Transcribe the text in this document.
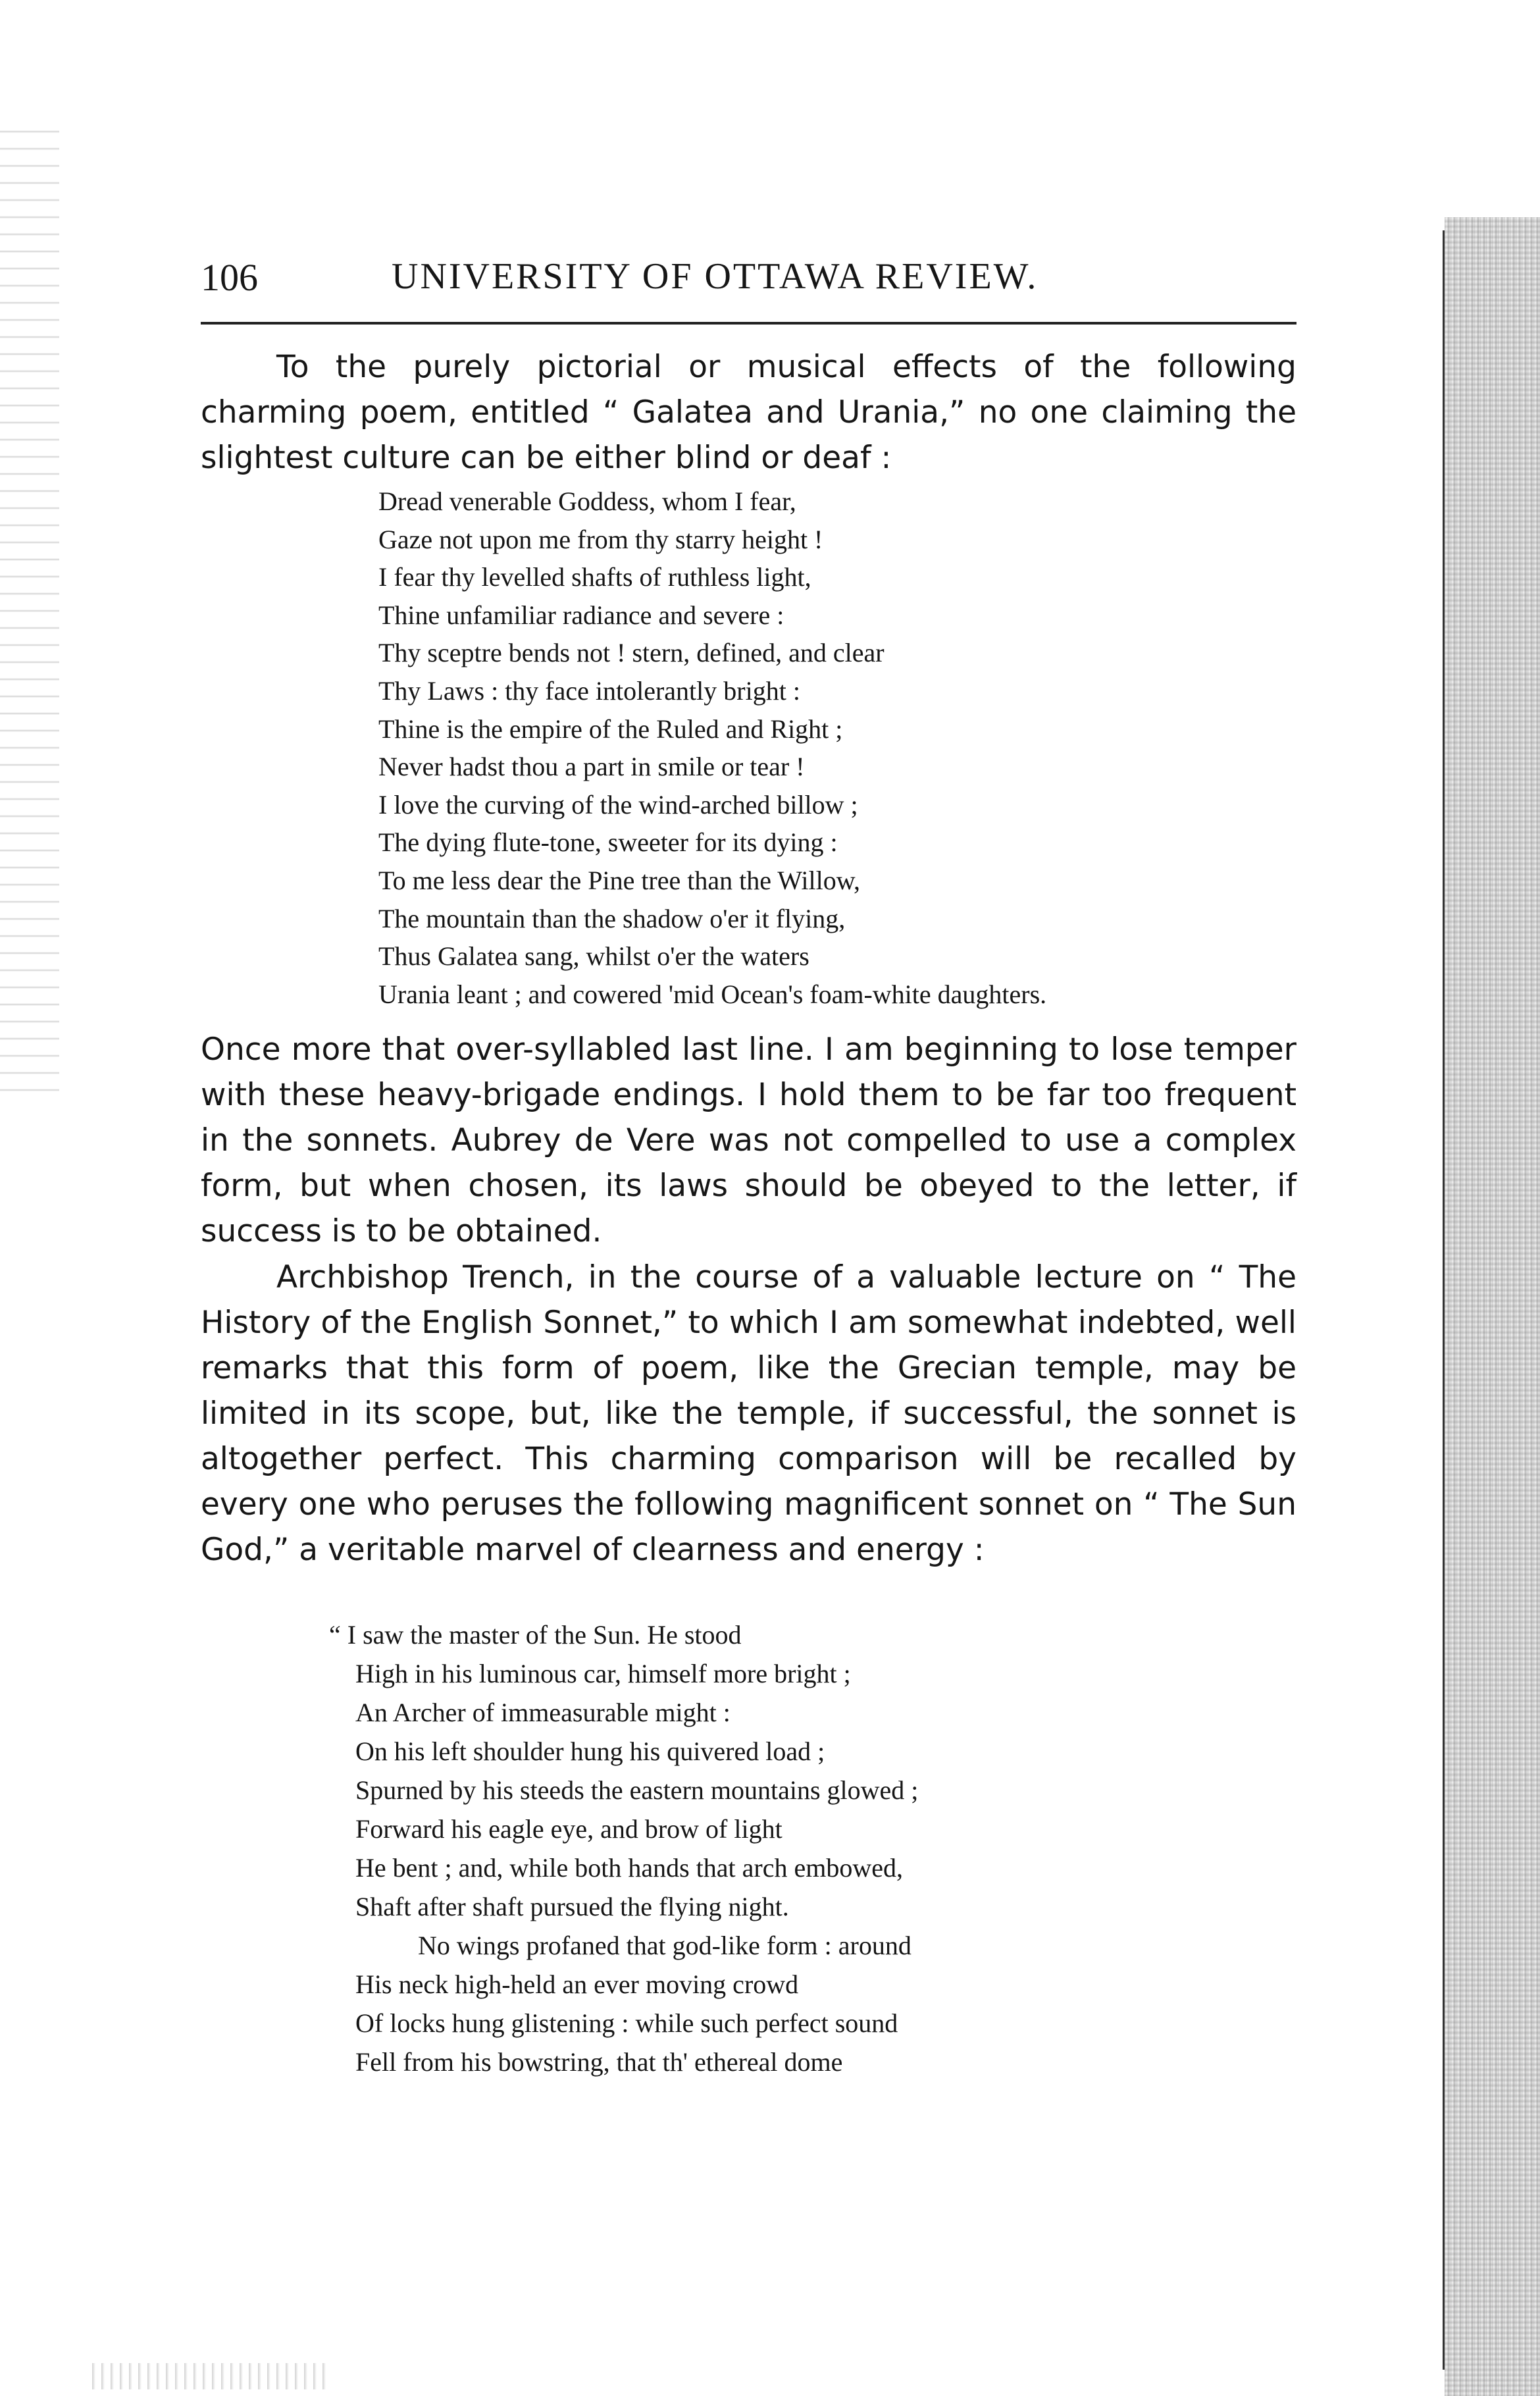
106	UNIVERSITY OF OTTAWA REVIEW.

To the purely pictorial or musical effects of the following charming poem, entitled “ Galatea and Urania,” no one claiming the slightest culture can be either blind or deaf :

Dread venerable Goddess, whom I fear,
Gaze not upon me from thy starry height !
I fear thy levelled shafts of ruthless light,
Thine unfamiliar radiance and severe :
Thy sceptre bends not ! stern, defined, and clear
Thy Laws : thy face intolerantly bright :
Thine is the empire of the Ruled and Right ;
Never hadst thou a part in smile or tear !
I love the curving of the wind-arched billow ;
The dying flute-tone, sweeter for its dying :
To me less dear the Pine tree than the Willow,
The mountain than the shadow o'er it flying,
Thus Galatea sang, whilst o'er the waters
Urania leant ; and cowered 'mid Ocean's foam-white daughters.

Once more that over-syllabled last line. I am beginning to lose temper with these heavy-brigade endings. I hold them to be far too frequent in the sonnets. Aubrey de Vere was not compelled to use a complex form, but when chosen, its laws should be obeyed to the letter, if success is to be obtained.

Archbishop Trench, in the course of a valuable lecture on “ The History of the English Sonnet,” to which I am somewhat indebted, well remarks that this form of poem, like the Grecian temple, may be limited in its scope, but, like the temple, if successful, the sonnet is altogether perfect. This charming comparison will be recalled by every one who peruses the following magnificent sonnet on “ The Sun God,” a veritable marvel of clearness and energy :

“ I saw the master of the Sun. He stood
High in his luminous car, himself more bright ;
An Archer of immeasurable might :
On his left shoulder hung his quivered load ;
Spurned by his steeds the eastern mountains glowed ;
Forward his eagle eye, and brow of light
He bent ; and, while both hands that arch embowed,
Shaft after shaft pursued the flying night.
No wings profaned that god-like form : around
His neck high-held an ever moving crowd
Of locks hung glistening : while such perfect sound
Fell from his bowstring, that th' ethereal dome
